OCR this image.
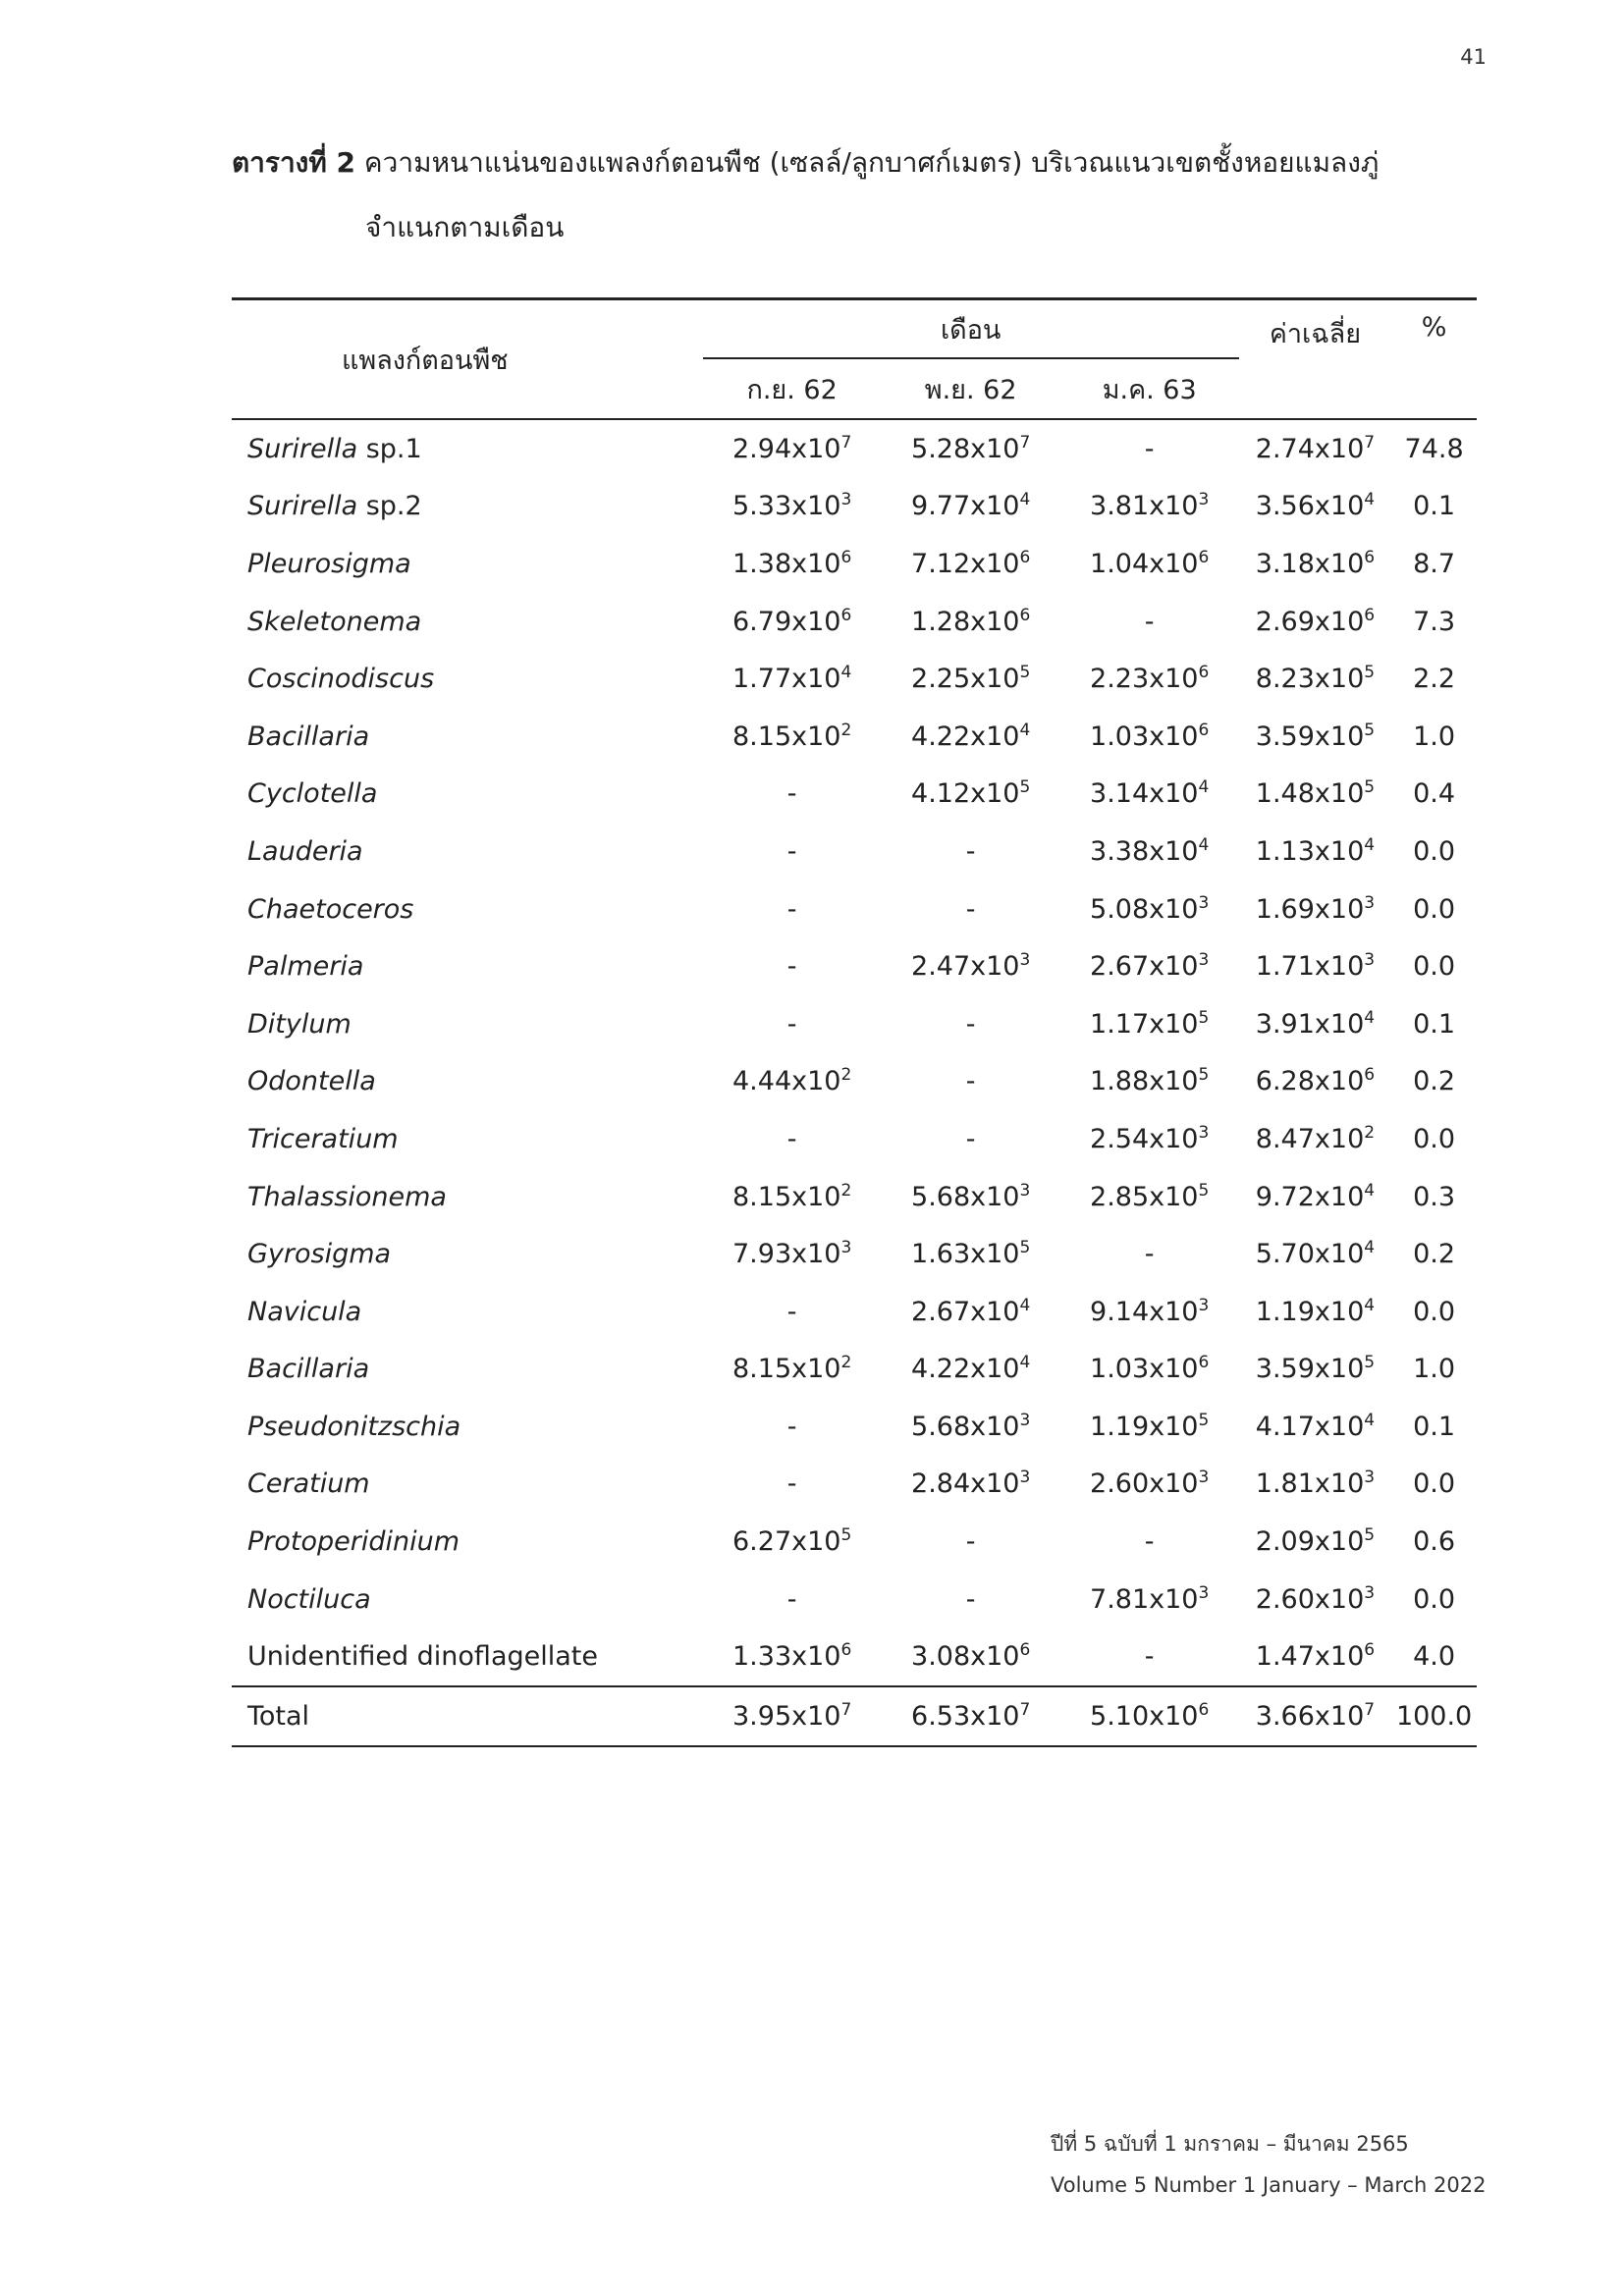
41
ตารางที่ 2 ความหนาแน่นของแพลงก์ตอนพืช (เซลล์/ลูกบาศก์เมตร) บริเวณแนวเขตชั้งหอยแมลงภู่
จำแนกตามเดือน
แพลงก์ตอนพืช	เดือน			ค่าเฉลี่ย	%
	ก.ย. 62	พ.ย. 62	ม.ค. 63		
Surirella sp.1	$2.94x10^7$	$5.28x10^7$	-	$2.74x10^7$	74.8
Surirella sp.2	$5.33x10^3$	$9.77x10^4$	$3.81x10^3$	$3.56x10^4$	0.1
Pleurosigma	$1.38x10^6$	$7.12x10^6$	$1.04x10^6$	$3.18x10^6$	8.7
Skeletonema	$6.79x10^6$	$1.28x10^6$	-	$2.69x10^6$	7.3
Coscinodiscus	$1.77x10^4$	$2.25x10^5$	$2.23x10^6$	$8.23x10^5$	2.2
Bacillaria	$8.15x10^2$	$4.22x10^4$	$1.03x10^6$	$3.59x10^5$	1.0
Cyclotella	-	$4.12x10^5$	$3.14x10^4$	$1.48x10^5$	0.4
Lauderia	-	-	$3.38x10^4$	$1.13x10^4$	0.0
Chaetoceros	-	-	$5.08x10^3$	$1.69x10^3$	0.0
Palmeria	-	$2.47x10^3$	$2.67x10^3$	$1.71x10^3$	0.0
Ditylum	-	-	$1.17x10^5$	$3.91x10^4$	0.1
Odontella	$4.44x10^2$	-	$1.88x10^5$	$6.28x10^6$	0.2
Triceratium	-	-	$2.54x10^3$	$8.47x10^2$	0.0
Thalassionema	$8.15x10^2$	$5.68x10^3$	$2.85x10^5$	$9.72x10^4$	0.3
Gyrosigma	$7.93x10^3$	$1.63x10^5$	-	$5.70x10^4$	0.2
Navicula	-	$2.67x10^4$	$9.14x10^3$	$1.19x10^4$	0.0
Bacillaria	$8.15x10^2$	$4.22x10^4$	$1.03x10^6$	$3.59x10^5$	1.0
Pseudonitzschia	-	$5.68x10^3$	$1.19x10^5$	$4.17x10^4$	0.1
Ceratium	-	$2.84x10^3$	$2.60x10^3$	$1.81x10^3$	0.0
Protoperidinium	$6.27x10^5$	-	-	$2.09x10^5$	0.6
Noctiluca	-	-	$7.81x10^3$	$2.60x10^3$	0.0
Unidentified dinoflagellate	$1.33x10^6$	$3.08x10^6$	-	$1.47x10^6$	4.0
Total	$3.95x10^7$	$6.53x10^7$	$5.10x10^6$	$3.66x10^7$	100.0
ปีที่ 5 ฉบับที่ 1 มกราคม – มีนาคม 2565
Volume 5 Number 1 January – March 2022
